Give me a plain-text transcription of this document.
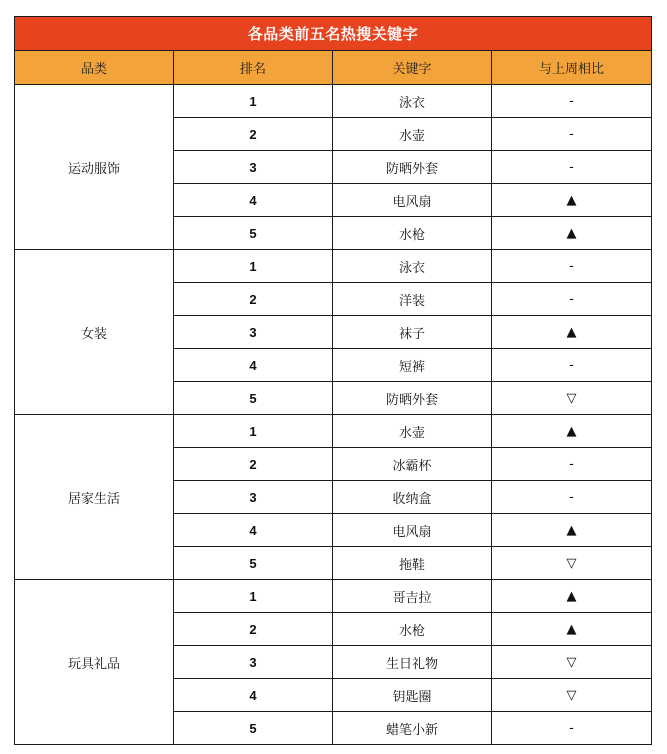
各品类前五名热搜关键字			
品类	排名	关键字	与上周相比
运动服饰	1	泳衣	-
	2	水壶	-
	3	防晒外套	-
	4	电风扇	▲
	5	水枪	▲
女装	1	泳衣	-
	2	洋装	-
	3	袜子	▲
	4	短裤	-
	5	防晒外套	▽
居家生活	1	水壶	▲
	2	冰霸杯	-
	3	收纳盒	-
	4	电风扇	▲
	5	拖鞋	▽
玩具礼品	1	哥吉拉	▲
	2	水枪	▲
	3	生日礼物	▽
	4	钥匙圈	▽
	5	蜡笔小新	-
